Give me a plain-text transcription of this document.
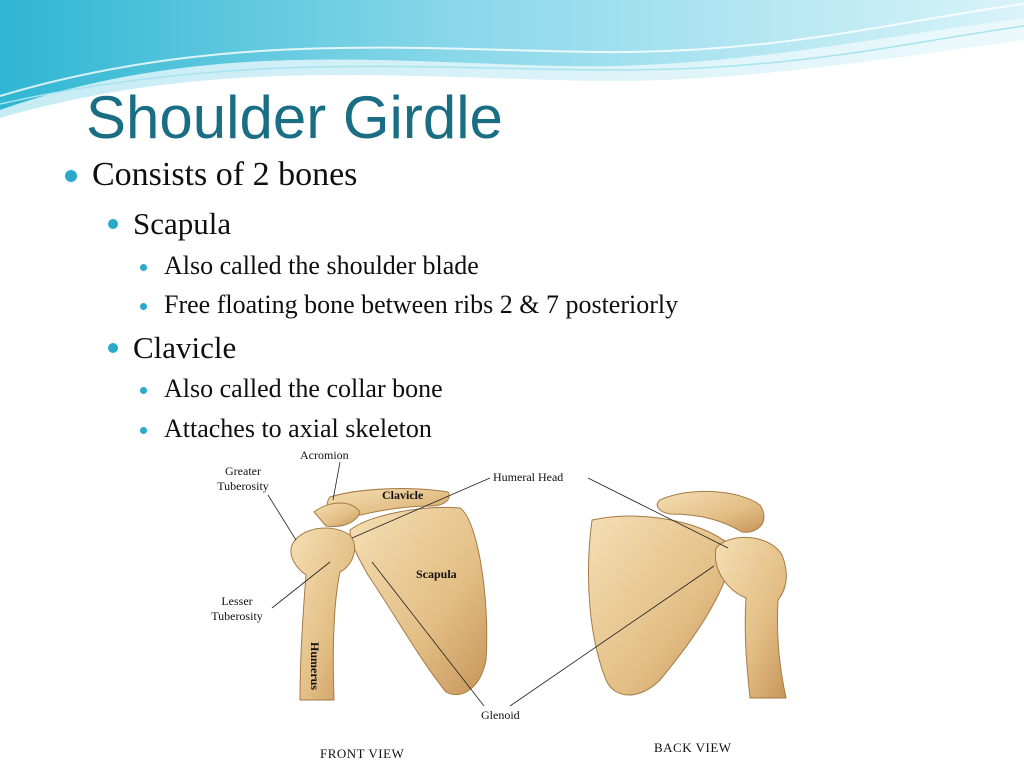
Shoulder Girdle
Consists of 2 bones
Scapula
Also called the shoulder blade
Free floating bone between ribs 2 & 7 posteriorly
Clavicle
Also called the collar bone
Attaches to axial skeleton
Acromion
Greater
Tuberosity
Humeral Head
Clavicle
Scapula
Lesser
Tuberosity
Humerus
Glenoid
FRONT VIEW	BACK VIEW
